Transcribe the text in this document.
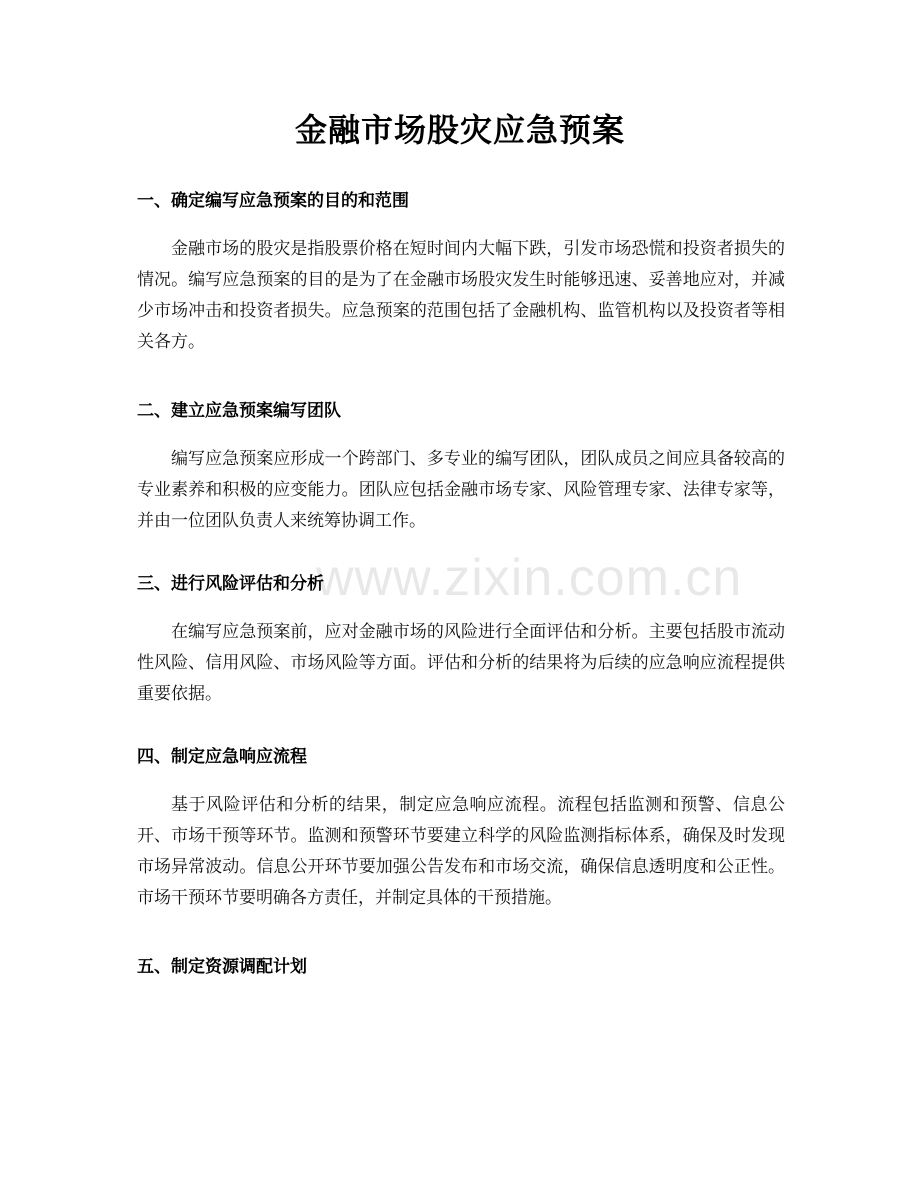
金融市场股灾应急预案
一、确定编写应急预案的目的和范围

金融市场的股灾是指股票价格在短时间内大幅下跌，引发市场恐慌和投资者损失的情况。编写应急预案的目的是为了在金融市场股灾发生时能够迅速、妥善地应对，并减少市场冲击和投资者损失。应急预案的范围包括了金融机构、监管机构以及投资者等相关各方。

二、建立应急预案编写团队

编写应急预案应形成一个跨部门、多专业的编写团队，团队成员之间应具备较高的专业素养和积极的应变能力。团队应包括金融市场专家、风险管理专家、法律专家等，并由一位团队负责人来统筹协调工作。

三、进行风险评估和分析

在编写应急预案前，应对金融市场的风险进行全面评估和分析。主要包括股市流动性风险、信用风险、市场风险等方面。评估和分析的结果将为后续的应急响应流程提供重要依据。

四、制定应急响应流程

基于风险评估和分析的结果，制定应急响应流程。流程包括监测和预警、信息公开、市场干预等环节。监测和预警环节要建立科学的风险监测指标体系，确保及时发现市场异常波动。信息公开环节要加强公告发布和市场交流，确保信息透明度和公正性。市场干预环节要明确各方责任，并制定具体的干预措施。

五、制定资源调配计划
www.zixin.com.cn
